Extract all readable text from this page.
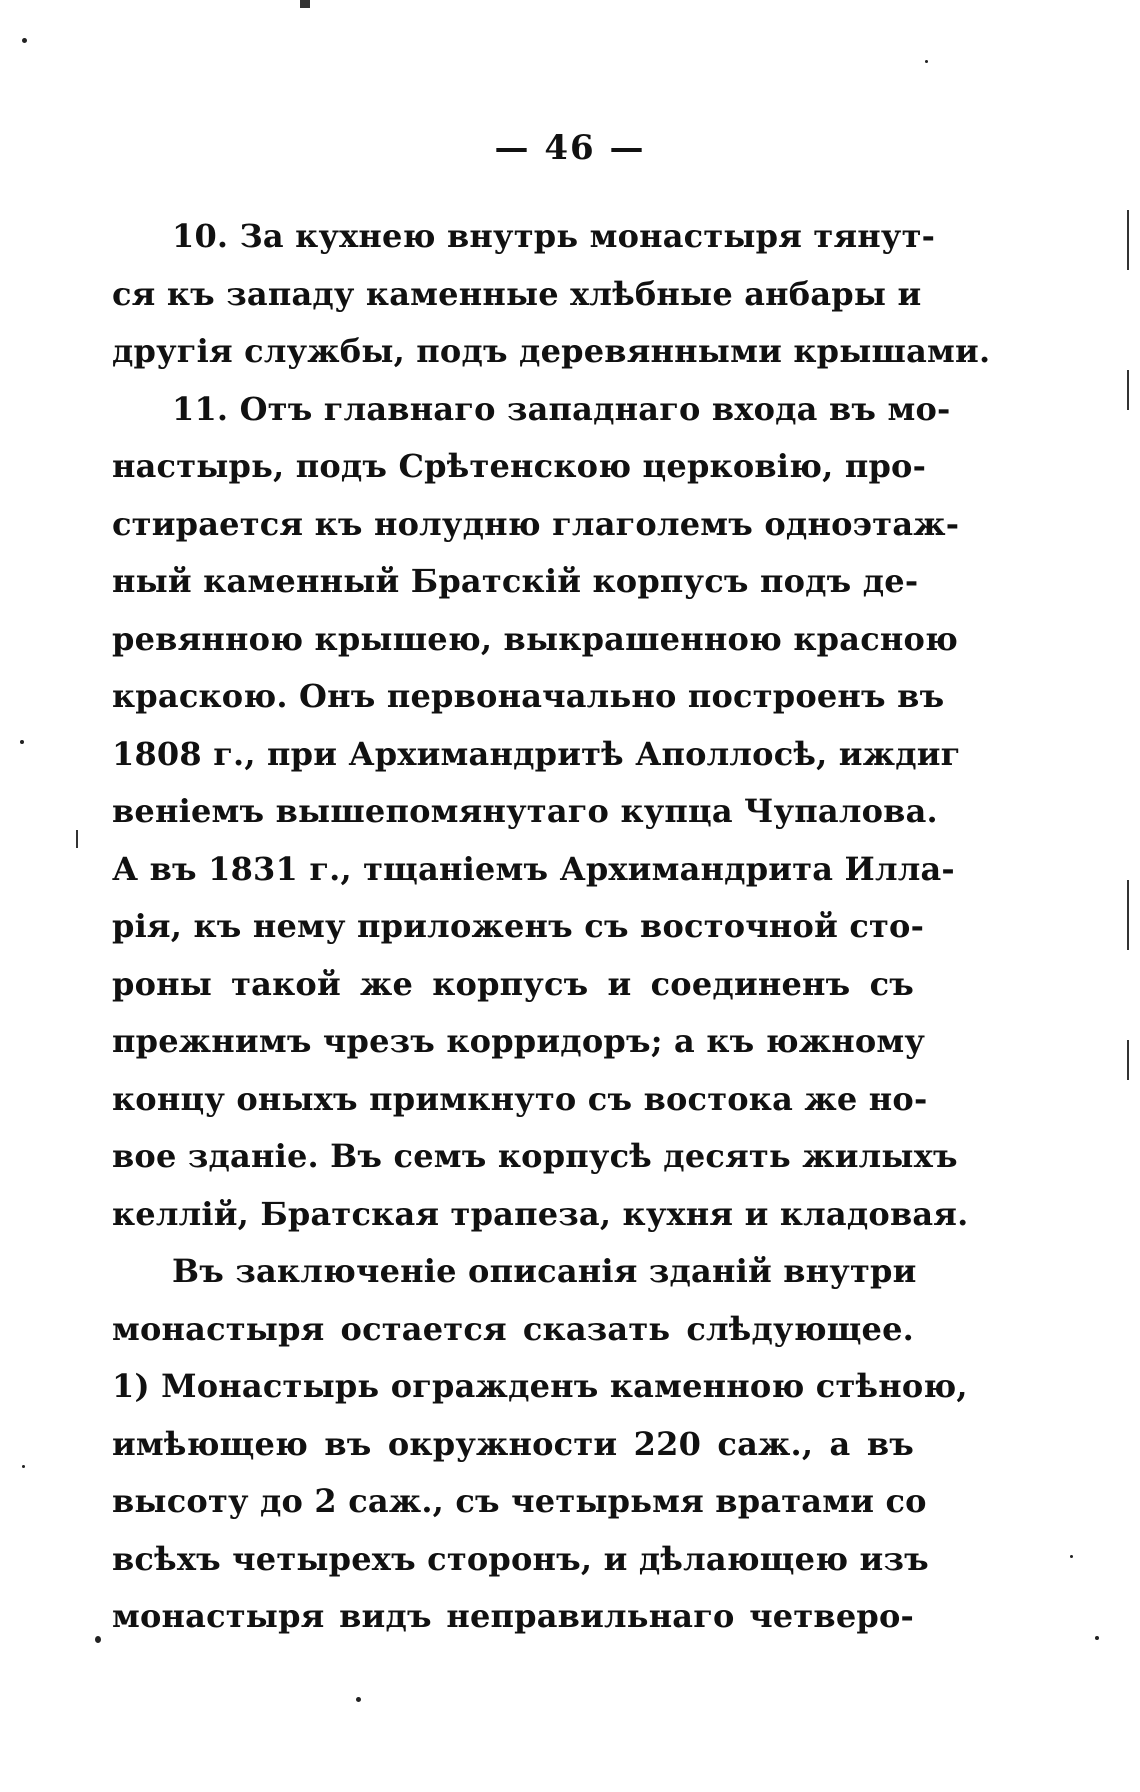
— 46 —
10. За кухнею внутрь монастыря тянут-
ся къ западу каменные хлѣбные анбары и
другія службы, подъ деревянными крышами.
11. Отъ главнаго западнаго входа въ мо-
настырь, подъ Срѣтенскою церковію, про-
стирается къ нолудню глаголемъ одноэтаж-
ный каменный Братскій корпусъ подъ де-
ревянною крышею, выкрашенною красною
краскою. Онъ первоначально построенъ въ
1808 г., при Архимандритѣ Аполлосѣ, иждиг
веніемъ вышепомянутаго купца Чупалова.
А въ 1831 г., тщаніемъ Архимандрита Илла-
рія, къ нему приложенъ съ восточной сто-
роны такой же корпусъ и соединенъ съ
прежнимъ чрезъ корридоръ; а къ южному
концу оныхъ примкнуто съ востока же но-
вое зданіе. Въ семъ корпусѣ десять жилыхъ
келлій, Братская трапеза, кухня и кладовая.
Въ заключеніе описанія зданій внутри
монастыря остается сказать слѣдующее.
1) Монастырь огражденъ каменною стѣною,
имѣющею въ окружности 220 саж., а въ
высоту до 2 саж., съ четырьмя вратами со
всѣхъ четырехъ сторонъ, и дѣлающею изъ
монастыря видъ неправильнаго четверо-
